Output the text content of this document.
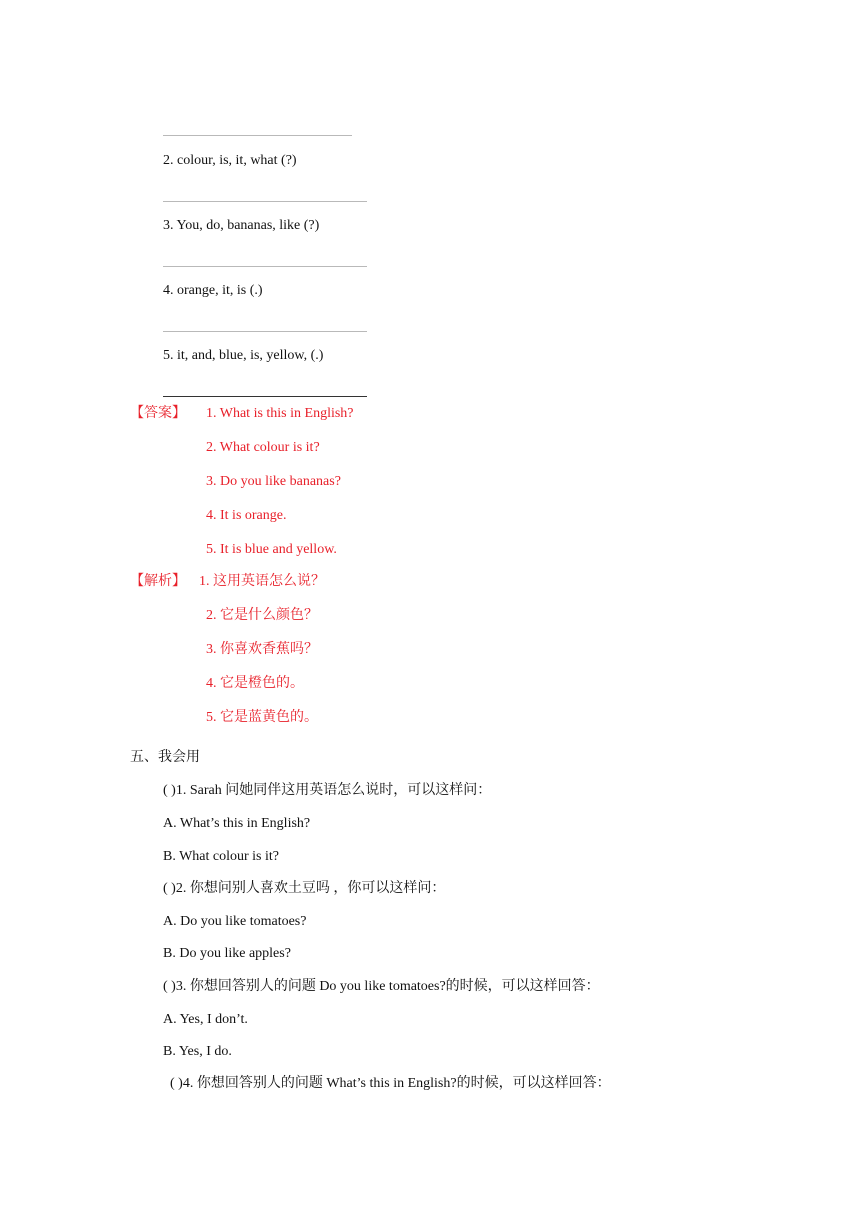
2. colour, is, it, what (?)
3. You, do, bananas, like (?)
4. orange, it, is (.)
5. it, and, blue, is, yellow, (.)
【答案】 1. What is this in English?
2. What colour is it?
3. Do you like bananas?
4. It is orange.
5. It is blue and yellow.
【解析】 1. 这用英语怎么说？
2. 它是什么颜色？
3. 你喜欢香蕉吗？
4. 它是橙色的。
5. 它是蓝黄色的。
五、我会用
( )1. Sarah 问她同伴这用英语怎么说时，可以这样问：
A. What’s this in English?
B. What colour is it?
( )2. 你想问别人喜欢土豆吗 ，你可以这样问：
A. Do you like tomatoes?
B. Do you like apples?
( )3. 你想回答别人的问题 Do you like tomatoes?的时候，可以这样回答：
A. Yes, I don’t.
B. Yes, I do.
( )4. 你想回答别人的问题 What’s this in English?的时候，可以这样回答：
